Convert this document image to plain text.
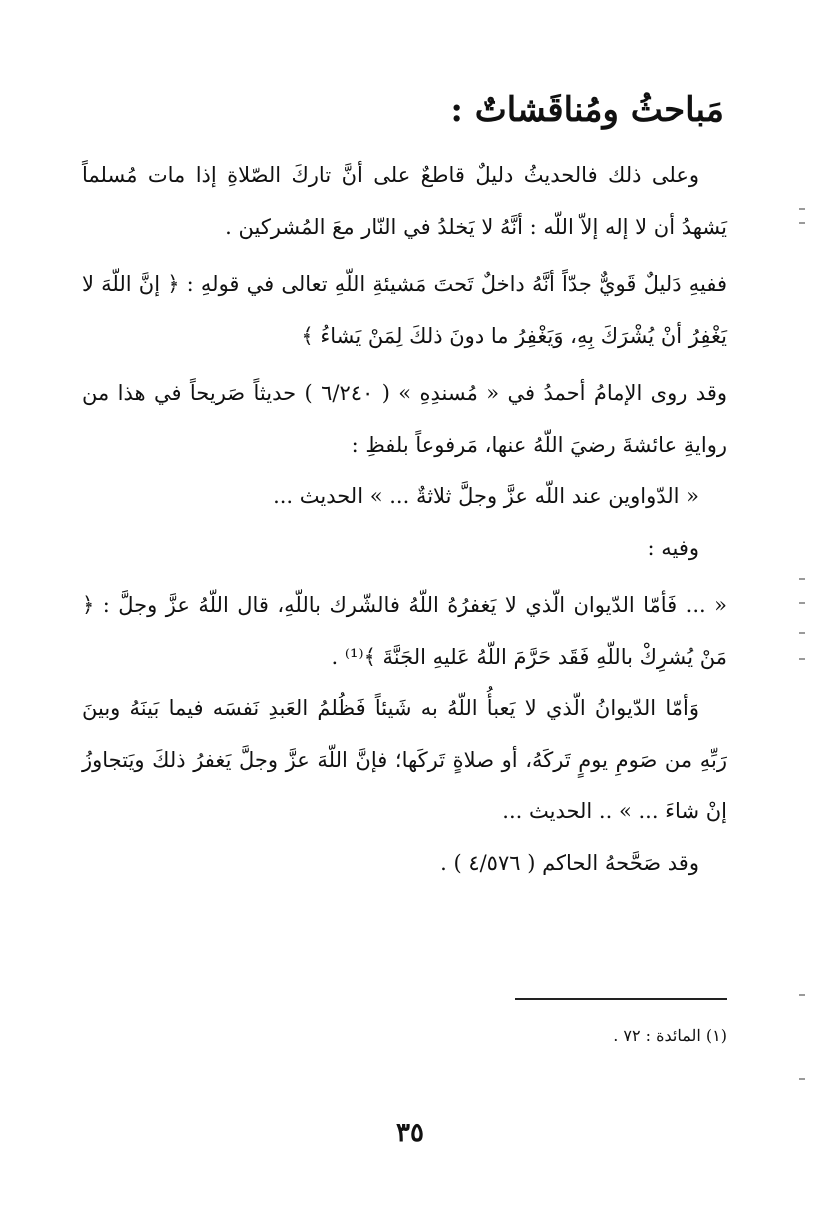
مَباحثُ ومُناقَشاتٌ :

وعلى ذلك فالحديثُ دليلٌ قاطعٌ على أنَّ تاركَ الصّلاةِ إذا مات مُسلماً يَشهدُ أن لا إله إلاّ اللّه : أنَّهُ لا يَخلدُ في النّار معَ المُشركين .

ففيهِ دَليلٌ قَويٌّ جدّاً أنَّهُ داخلٌ تَحتَ مَشيئةِ اللّهِ تعالى في قولهِ : ﴿ إنَّ اللّهَ لا يَغْفِرُ أنْ يُشْرَكَ بِهِ، وَيَغْفِرُ ما دونَ ذلكَ لِمَنْ يَشاءُ ﴾

وقد روى الإمامُ أحمدُ في « مُسندِهِ » ( ٦/٢٤٠ ) حديثاً صَريحاً في هذا من روايةِ عائشةَ رضيَ اللّهُ عنها، مَرفوعاً بلفظِ :

« الدّواوين عند اللّه عزَّ وجلَّ ثلاثةٌ ... » الحديث ...

وفيه :

« ... فَأمّا الدّيوان الّذي لا يَغفرُهُ اللّهُ فالشّرك باللّهِ، قال اللّهُ عزَّ وجلَّ : ﴿ مَنْ يُشرِكْ باللّهِ فَقَد حَرَّمَ اللّهُ عَليهِ الجَنَّةَ ﴾⁽¹⁾ .

وَأمّا الدّيوانُ الّذي لا يَعبأُ اللّهُ به شَيئاً فَظُلمُ العَبدِ نَفسَه فيما بَينَهُ وبينَ رَبِّهِ من صَومِ يومٍ تَركَهُ، أو صلاةٍ تَركَها؛ فإنَّ اللّهَ عزَّ وجلَّ يَغفرُ ذلكَ ويَتجاوزُ إنْ شاءَ ... » .. الحديث ...

وقد صَحَّحهُ الحاكم ( ٤/٥٧٦ ) .

(١) المائدة : ٧٢ .
٣٥
